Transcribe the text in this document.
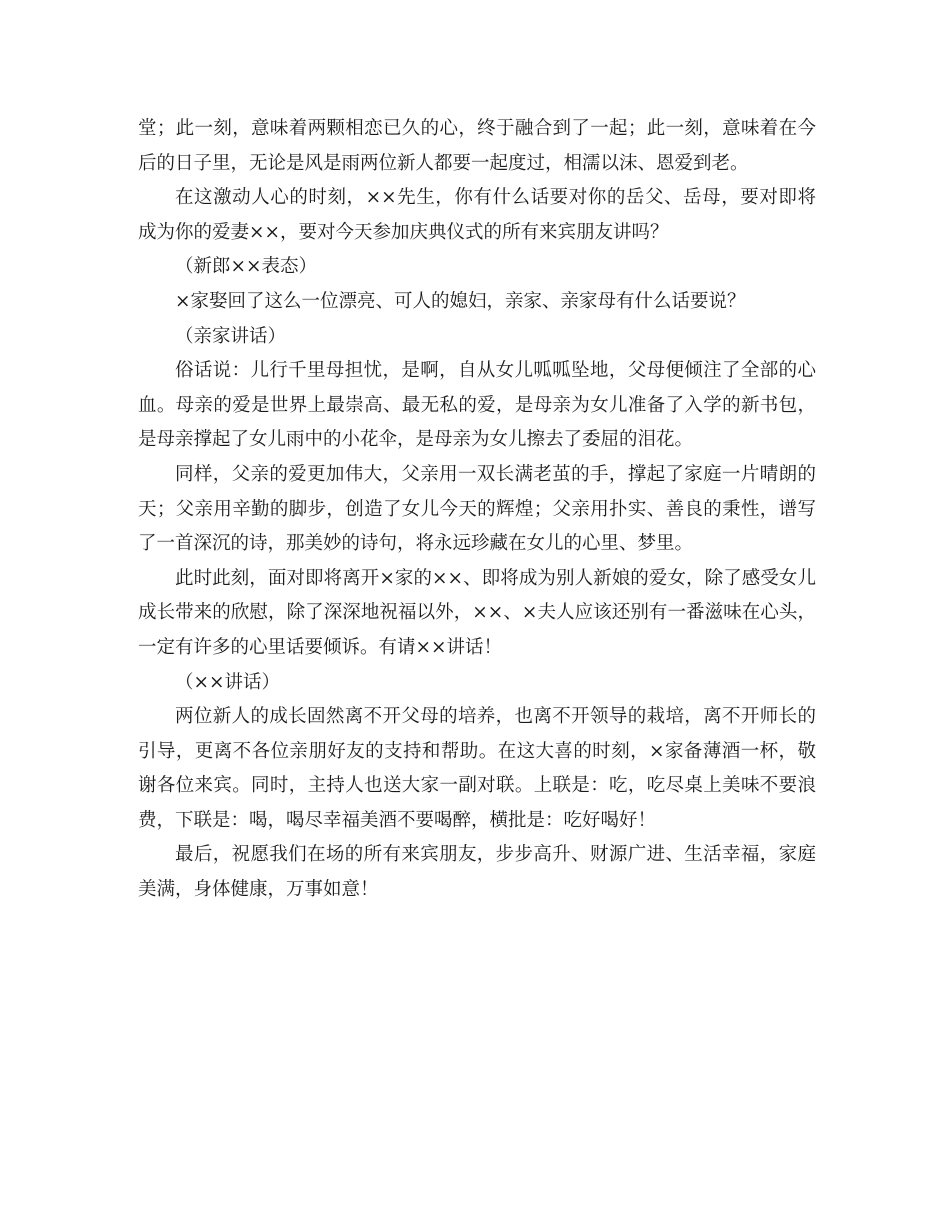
堂；此一刻，意味着两颗相恋已久的心，终于融合到了一起；此一刻，意味着在今后的日子里，无论是风是雨两位新人都要一起度过，相濡以沫、恩爱到老。

在这激动人心的时刻，××先生，你有什么话要对你的岳父、岳母，要对即将成为你的爱妻××，要对今天参加庆典仪式的所有来宾朋友讲吗？

（新郎××表态）

×家娶回了这么一位漂亮、可人的媳妇，亲家、亲家母有什么话要说？

（亲家讲话）

俗话说：儿行千里母担忧，是啊，自从女儿呱呱坠地，父母便倾注了全部的心血。母亲的爱是世界上最崇高、最无私的爱，是母亲为女儿准备了入学的新书包，是母亲撑起了女儿雨中的小花伞，是母亲为女儿擦去了委屈的泪花。

同样，父亲的爱更加伟大，父亲用一双长满老茧的手，撑起了家庭一片晴朗的天；父亲用辛勤的脚步，创造了女儿今天的辉煌；父亲用扑实、善良的秉性，谱写了一首深沉的诗，那美妙的诗句，将永远珍藏在女儿的心里、梦里。

此时此刻，面对即将离开×家的××、即将成为别人新娘的爱女，除了感受女儿成长带来的欣慰，除了深深地祝福以外，××、×夫人应该还别有一番滋味在心头，一定有许多的心里话要倾诉。有请××讲话！

（××讲话）

两位新人的成长固然离不开父母的培养，也离不开领导的栽培，离不开师长的引导，更离不各位亲朋好友的支持和帮助。在这大喜的时刻，×家备薄酒一杯，敬谢各位来宾。同时，主持人也送大家一副对联。上联是：吃，吃尽桌上美味不要浪费，下联是：喝，喝尽幸福美酒不要喝醉，横批是：吃好喝好！

最后，祝愿我们在场的所有来宾朋友，步步高升、财源广进、生活幸福，家庭美满，身体健康，万事如意！
